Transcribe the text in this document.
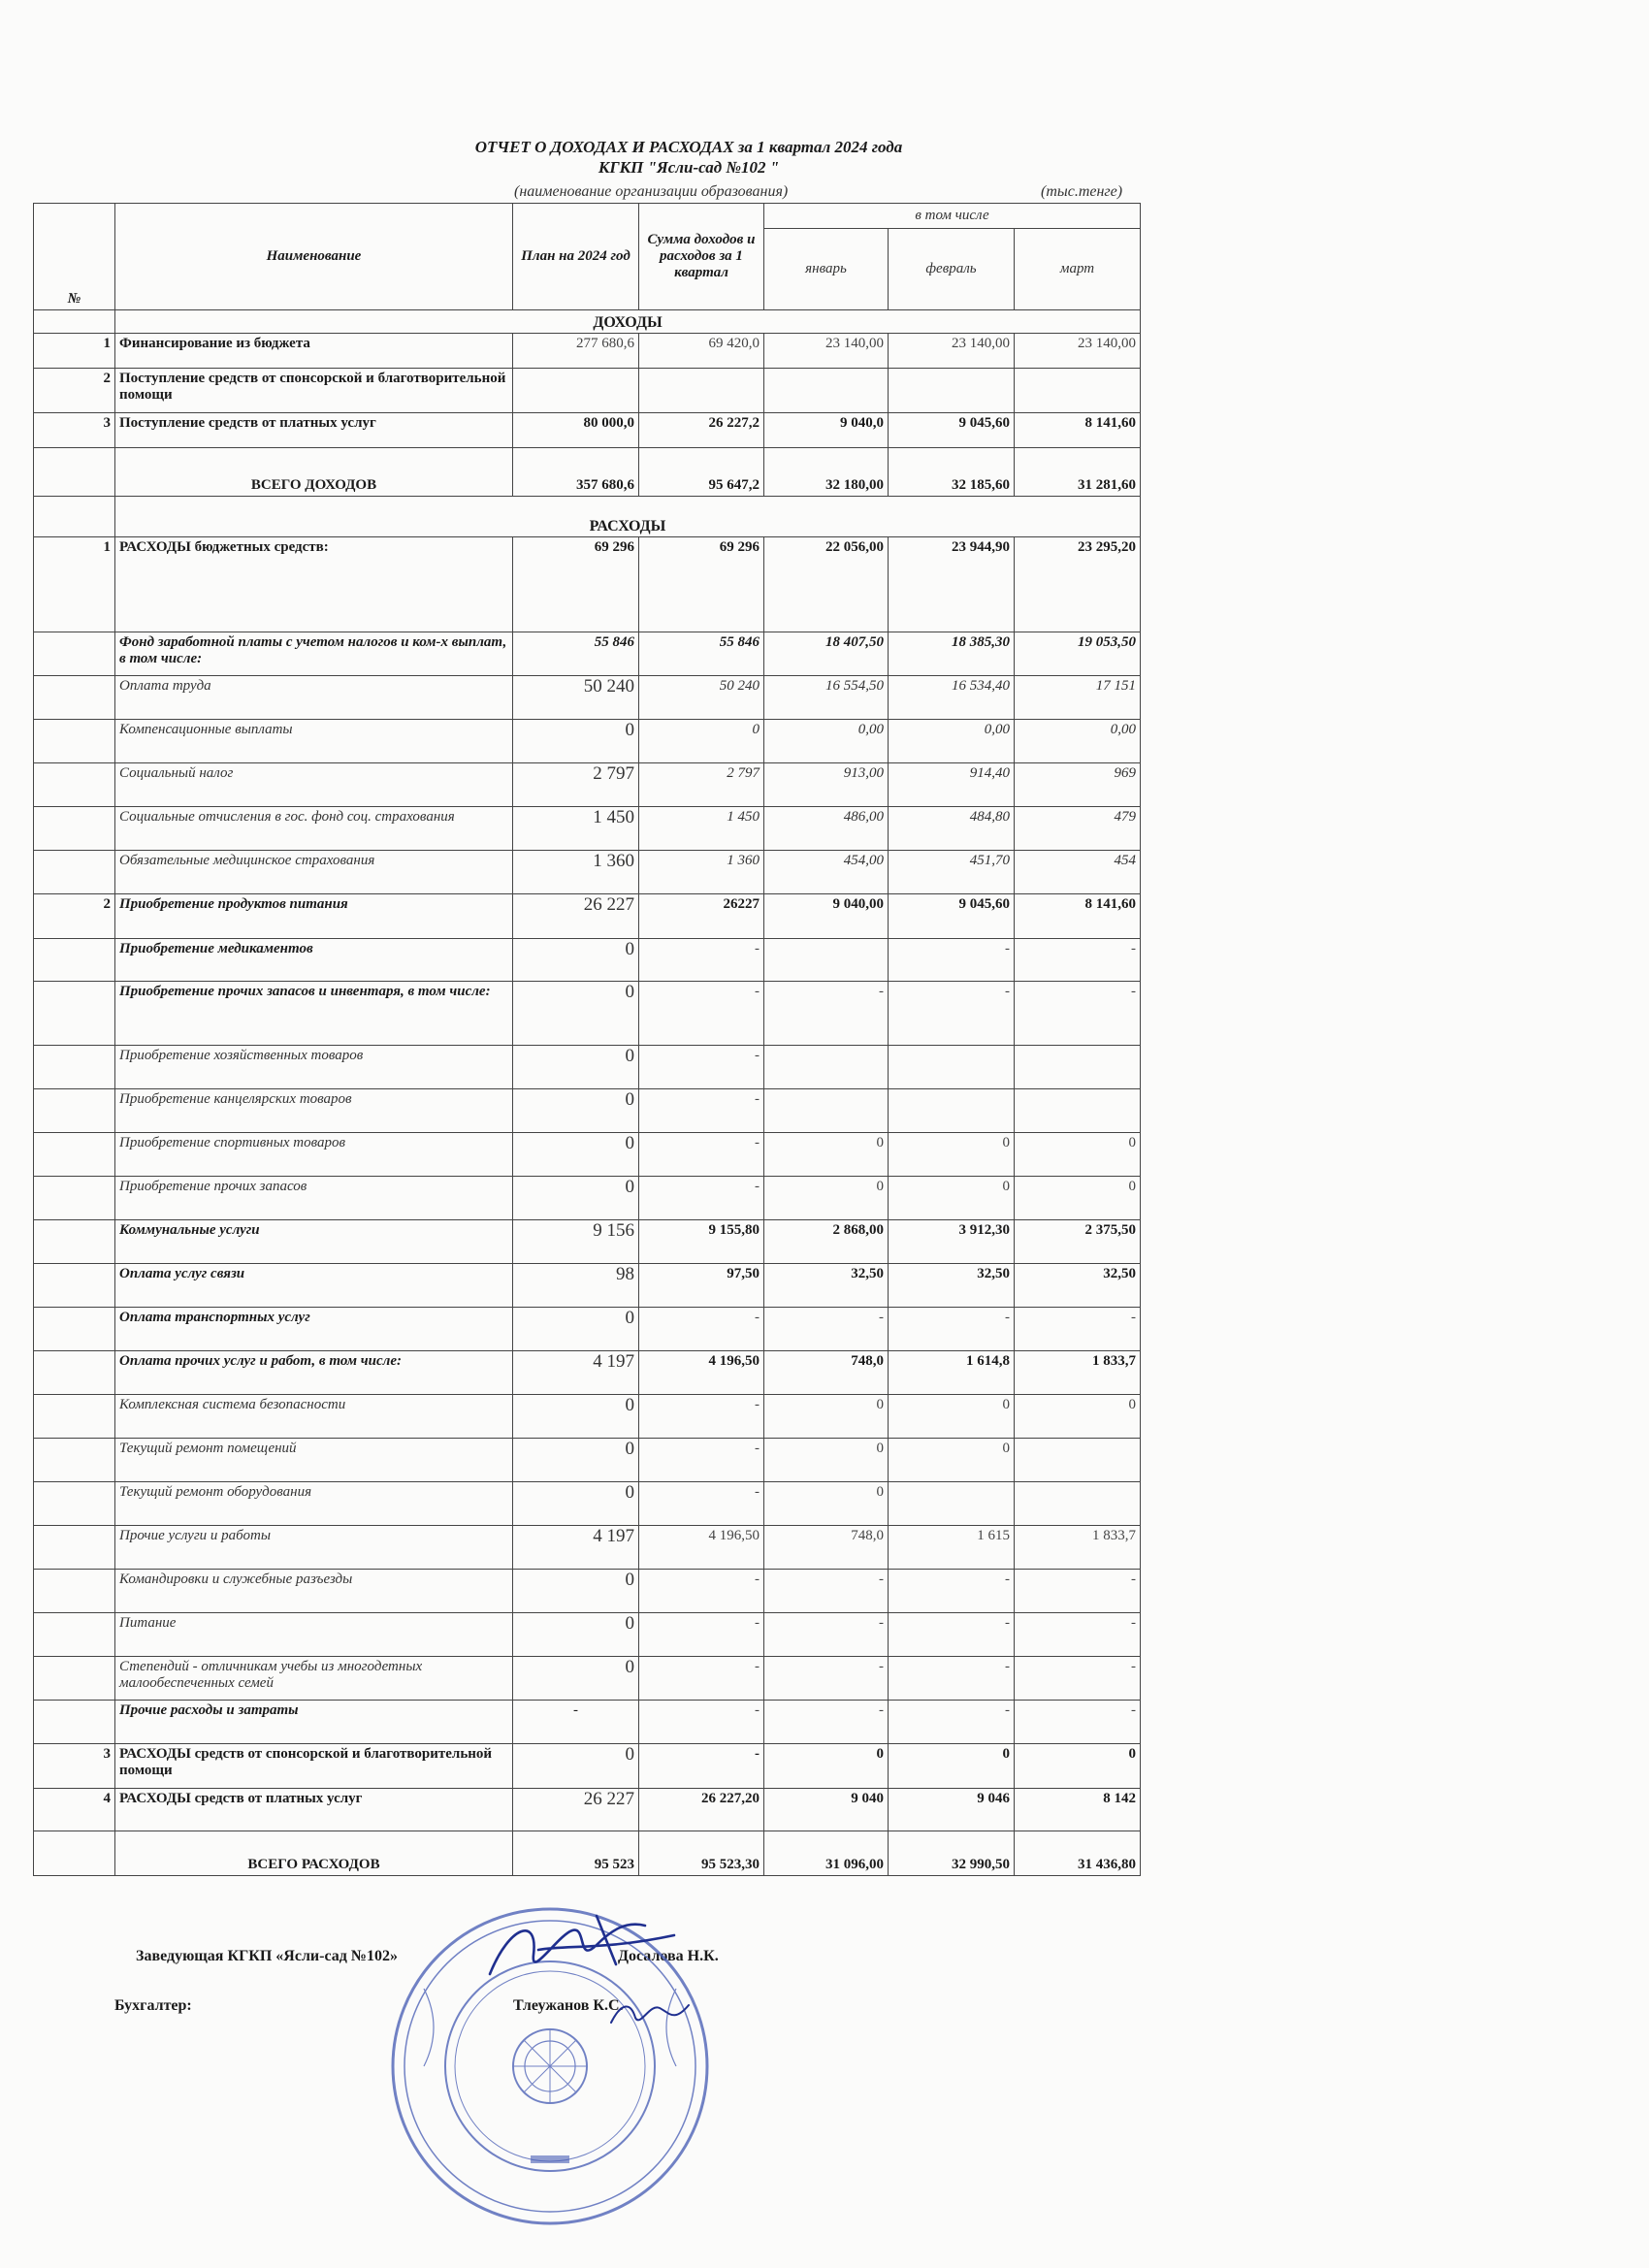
ОТЧЕТ О ДОХОДАХ И РАСХОДАХ за 1 квартал 2024 года
КГКП "Ясли-сад №102 "
(наименование организации образования)	(тыс.тенге)
№	Наименование	План на 2024 год	Сумма доходов и расходов за 1 квартал	в том числе		
				январь	февраль	март
	ДОХОДЫ					
1	Финансирование из бюджета	277 680,6	69 420,0	23 140,00	23 140,00	23 140,00
2	Поступление средств от спонсорской и благотворительной помощи					
3	Поступление средств от платных услуг	80 000,0	26 227,2	9 040,0	9 045,60	8 141,60
	ВСЕГО ДОХОДОВ	357 680,6	95 647,2	32 180,00	32 185,60	31 281,60
	РАСХОДЫ					
1	РАСХОДЫ бюджетных средств:	69 296	69 296	22 056,00	23 944,90	23 295,20
	Фонд заработной платы с учетом налогов и ком-х выплат, в том числе:	55 846	55 846	18 407,50	18 385,30	19 053,50
	Оплата труда	50 240	50 240	16 554,50	16 534,40	17 151
	Компенсационные выплаты	0	0	0,00	0,00	0,00
	Социальный налог	2 797	2 797	913,00	914,40	969
	Социальные отчисления в гос. фонд соц. страхования	1 450	1 450	486,00	484,80	479
	Обязательные медицинское страхования	1 360	1 360	454,00	451,70	454
2	Приобретение продуктов питания	26 227	26227	9 040,00	9 045,60	8 141,60
	Приобретение медикаментов	0	-		-	-
	Приобретение прочих запасов и инвентаря, в том числе:	0	-	-	-	-
	Приобретение хозяйственных товаров	0	-			
	Приобретение канцелярских товаров	0	-			
	Приобретение спортивных товаров	0	-	0	0	0
	Приобретение прочих запасов	0	-	0	0	0
	Коммунальные услуги	9 156	9 155,80	2 868,00	3 912,30	2 375,50
	Оплата услуг связи	98	97,50	32,50	32,50	32,50
	Оплата транспортных услуг	0	-	-	-	-
	Оплата прочих услуг и работ, в том числе:	4 197	4 196,50	748,0	1 614,8	1 833,7
	Комплексная система безопасности	0	-	0	0	0
	Текущий ремонт помещений	0	-	0	0	
	Текущий ремонт оборудования	0	-	0		
	Прочие услуги и работы	4 197	4 196,50	748,0	1 615	1 833,7
	Командировки и служебные разъезды	0	-	-	-	-
	Питание	0	-	-	-	-
	Степендий - отличникам учебы из многодетных малообеспеченных семей	0	-	-	-	-
	Прочие расходы и затраты	-	-	-	-	-
3	РАСХОДЫ средств от спонсорской и благотворительной помощи	0	-	0	0	0
4	РАСХОДЫ средств от платных услуг	26 227	26 227,20	9 040	9 046	8 142
	ВСЕГО РАСХОДОВ	95 523	95 523,30	31 096,00	32 990,50	31 436,80
Заведующая КГКП «Ясли-сад №102»	Досалова Н.К.
Бухгалтер:	Тлеужанов К.С.
